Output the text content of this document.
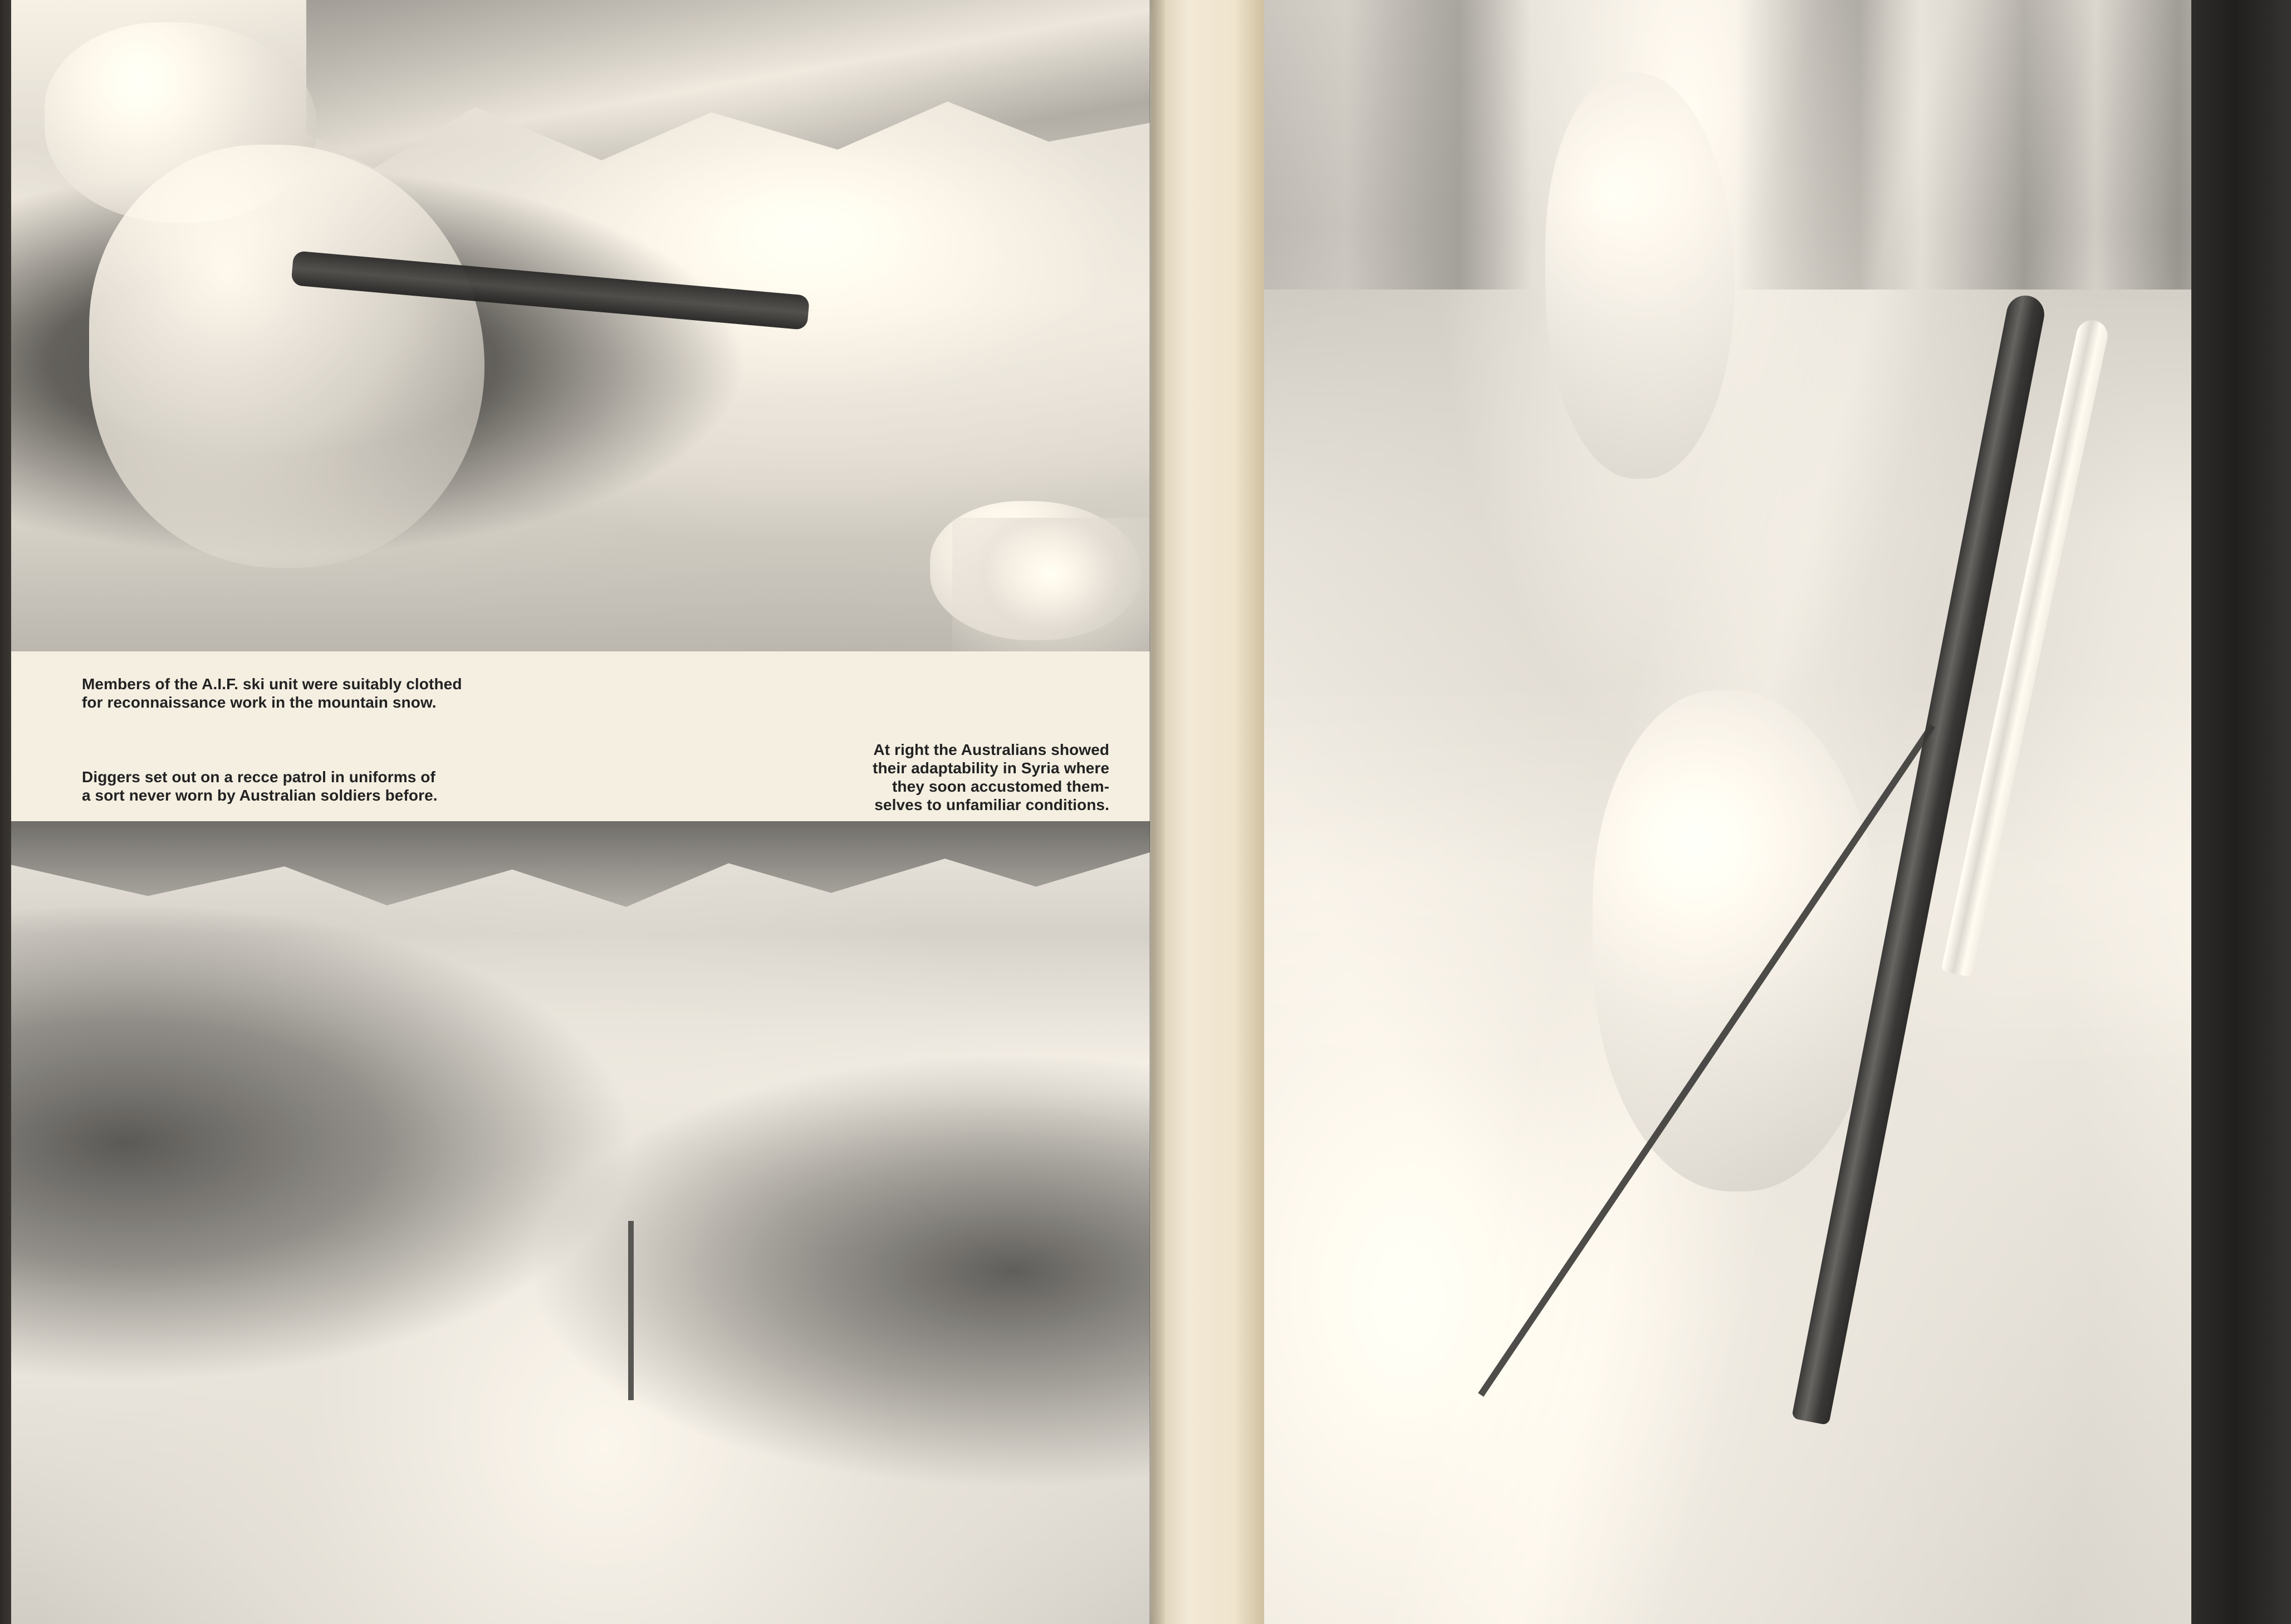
Members of the A.I.F. ski unit were suitably clothed
for reconnaissance work in the mountain snow.

Diggers set out on a recce patrol in uniforms of
a sort never worn by Australian soldiers before.

At right the Australians showed
their adaptability in Syria where
they soon accustomed them-
selves to unfamiliar conditions.
